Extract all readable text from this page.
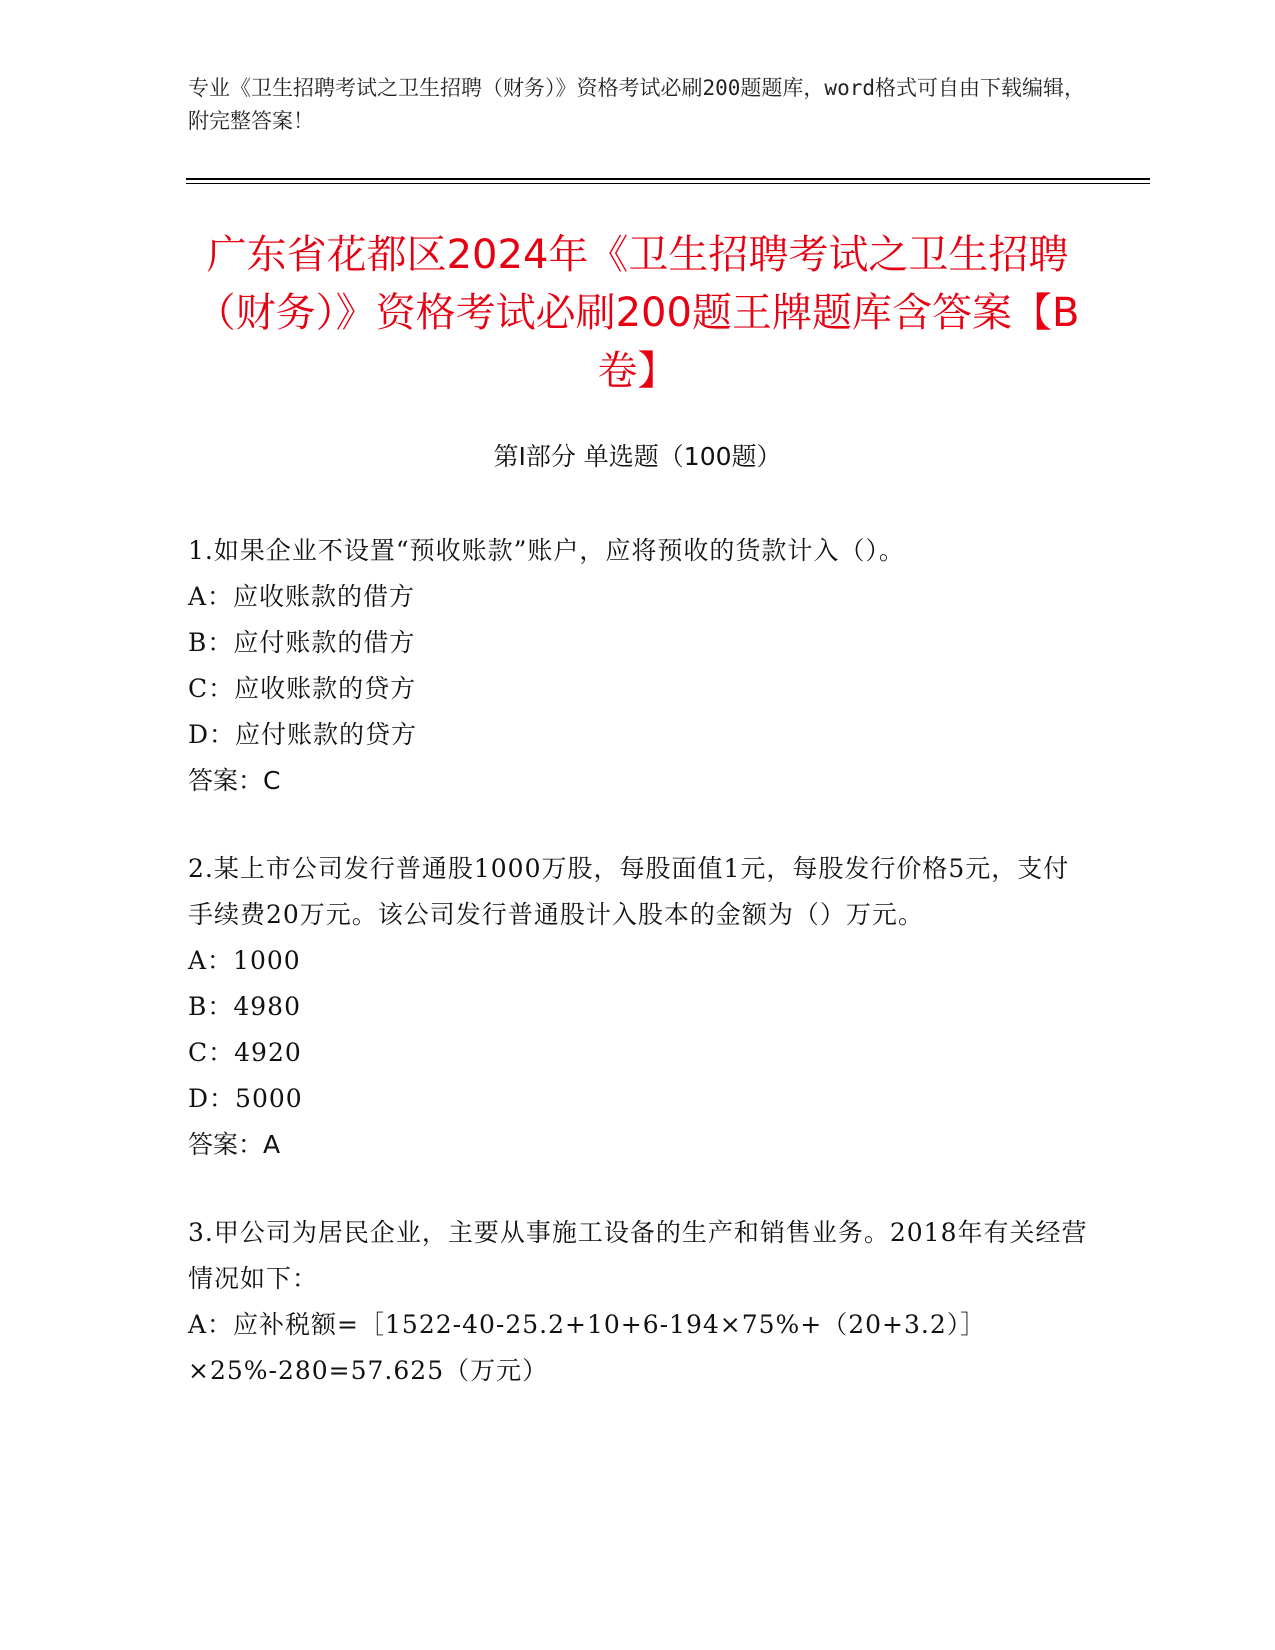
专业《卫生招聘考试之卫生招聘（财务）》资格考试必刷200题题库，word格式可自由下载编辑，附完整答案！
广东省花都区2024年《卫生招聘考试之卫生招聘（财务）》资格考试必刷200题王牌题库含答案【B卷】
第I部分 单选题（100题）
1.如果企业不设置“预收账款”账户，应将预收的货款计入（）。
A：应收账款的借方
B：应付账款的借方
C：应收账款的贷方
D：应付账款的贷方
答案：C
2.某上市公司发行普通股1000万股，每股面值1元，每股发行价格5元，支付手续费20万元。该公司发行普通股计入股本的金额为（）万元。
A：1000
B：4980
C：4920
D：5000
答案：A
3.甲公司为居民企业，主要从事施工设备的生产和销售业务。2018年有关经营情况如下：
A：应补税额=［1522-40-25.2+10+6-194×75%+（20+3.2）］×25%-280=57.625（万元）
